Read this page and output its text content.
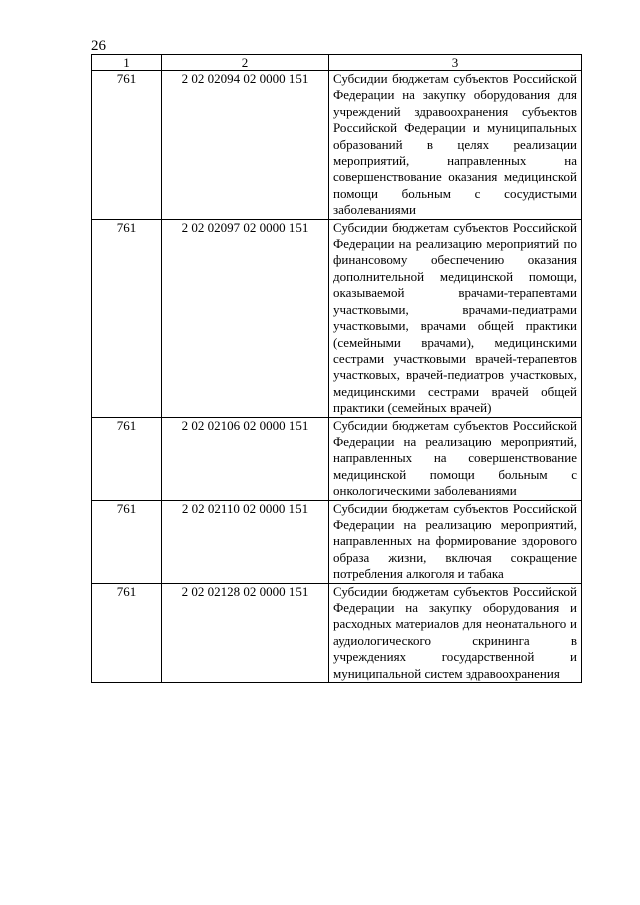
26
1	2	3
761	2 02 02094 02 0000 151	Субсидии бюджетам субъектов Российской Федерации на закупку оборудования для учреждений здравоохранения субъектов Российской Федерации и муниципальных образований в целях реализации мероприятий, направленных на совершенствование оказания медицинской помощи больным с сосудистыми заболеваниями
761	2 02 02097 02 0000 151	Субсидии бюджетам субъектов Российской Федерации на реализацию мероприятий по финансовому обеспечению оказания дополнительной медицинской помощи, оказываемой врачами-терапевтами участковыми, врачами-педиатрами участковыми, врачами общей практики (семейными врачами), медицинскими сестрами участковыми врачей-терапевтов участковых, врачей-педиатров участковых, медицинскими сестрами врачей общей практики (семейных врачей)
761	2 02 02106 02 0000 151	Субсидии бюджетам субъектов Российской Федерации на реализацию мероприятий, направленных на совершенствование медицинской помощи больным с онкологическими заболеваниями
761	2 02 02110 02 0000 151	Субсидии бюджетам субъектов Российской Федерации на реализацию мероприятий, направленных на формирование здорового образа жизни, включая сокращение потребления алкоголя и табака
761	2 02 02128 02 0000 151	Субсидии бюджетам субъектов Российской Федерации на закупку оборудования и расходных материалов для неонатального и аудиологического скрининга в учреждениях государственной и муниципальной систем здравоохранения
